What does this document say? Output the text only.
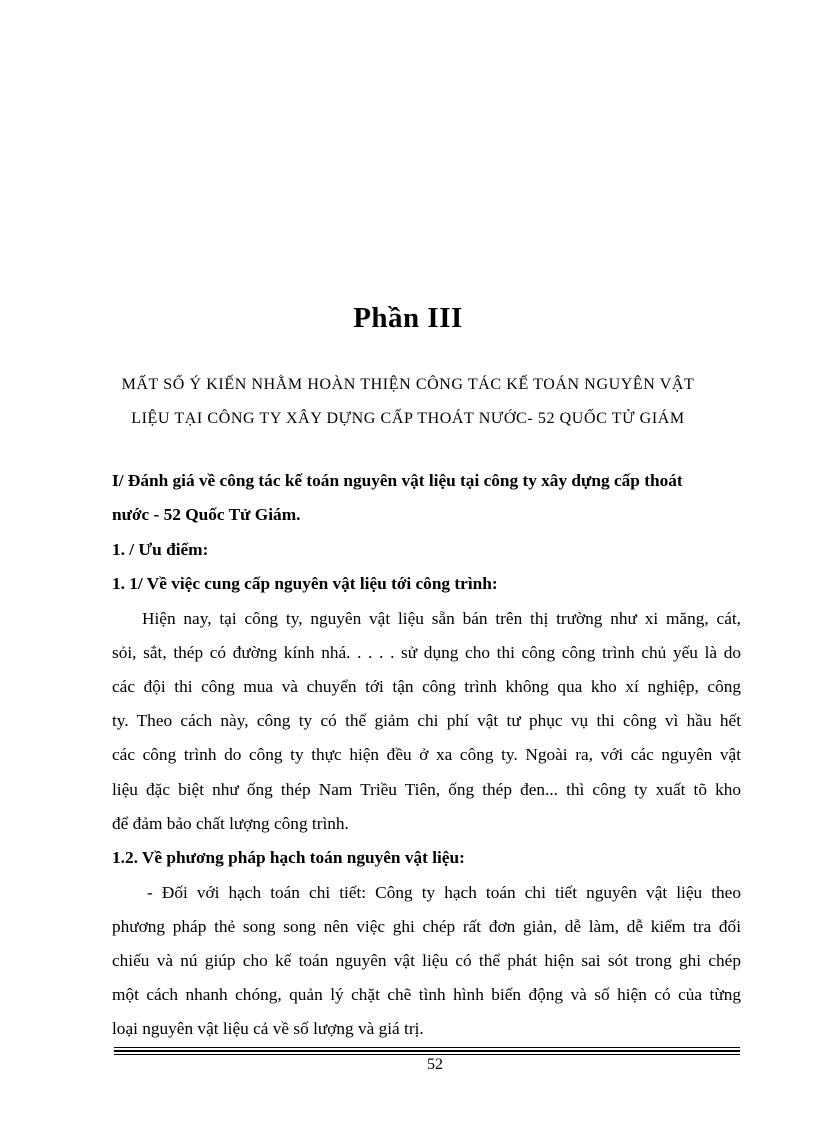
Phần III
MẤT SỐ Ý KIẾN NHẰM HOÀN THIỆN CÔNG TÁC KẾ TOÁN NGUYÊN VẬT
LIỆU TẠI CÔNG TY XÂY DỰNG CẤP THOÁT NƯỚC- 52 QUỐC TỬ GIÁM
I/ Đánh giá về công tác kế toán nguyên vật liệu tại công ty xây dựng cấp thoát
nước - 52 Quốc Tử Giám.
1. / Ưu điểm:
1. 1/ Về việc cung cấp nguyên vật liệu tới công trình:
Hiện nay, tại công ty, nguyên vật liệu sẵn bán trên thị trường như xi măng, cát,
sỏi, sắt, thép có đường kính nhá. . . . . sử dụng cho thi công công trình chủ yếu là do
các đội thi công mua và chuyển tới tận công trình không qua kho xí nghiệp, công
ty. Theo cách này, công ty có thể giảm chi phí vật tư phục vụ thi công vì hầu hết
các công trình do công ty thực hiện đều ở xa công ty. Ngoài ra, với các nguyên vật
liệu đặc biệt như ống thép Nam Triều Tiên, ống thép đen... thì công ty xuất tõ kho
để đảm bảo chất lượng công trình.
1.2. Về phương pháp hạch toán nguyên vật liệu:
- Đối với hạch toán chi tiết: Công ty hạch toán chi tiết nguyên vật liệu theo
phương pháp thẻ song song nên việc ghi chép rất đơn giản, dễ làm, dễ kiểm tra đối
chiếu và nú giúp cho kế toán nguyên vật liệu có thể phát hiện sai sót trong ghi chép
một cách nhanh chóng, quản lý chặt chẽ tình hình biến động và số hiện có của từng
loại nguyên vật liệu cả về số lượng và giá trị.
52
